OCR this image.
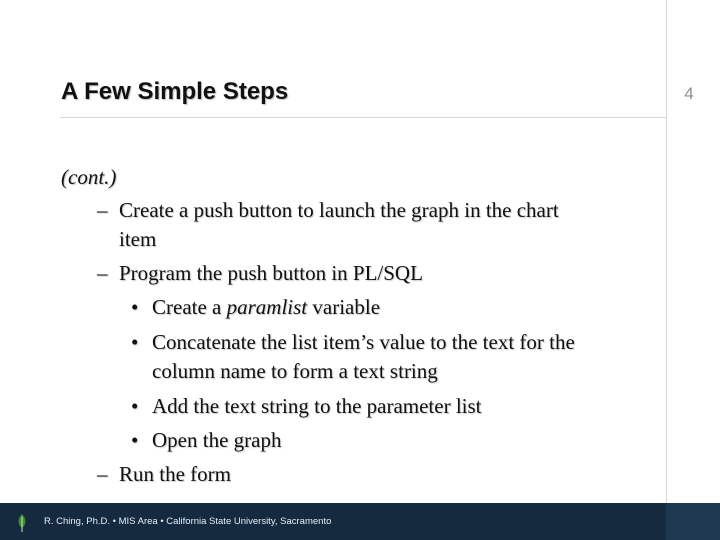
A Few Simple Steps	4
(cont.)
– Create a push button to launch the graph in the chart
item
– Program the push button in PL/SQL
• Create a paramlist variable
• Concatenate the list item’s value to the text for the
column name to form a text string
• Add the text string to the parameter list
• Open the graph
– Run the form
R. Ching, Ph.D. • MIS Area • California State University, Sacramento
